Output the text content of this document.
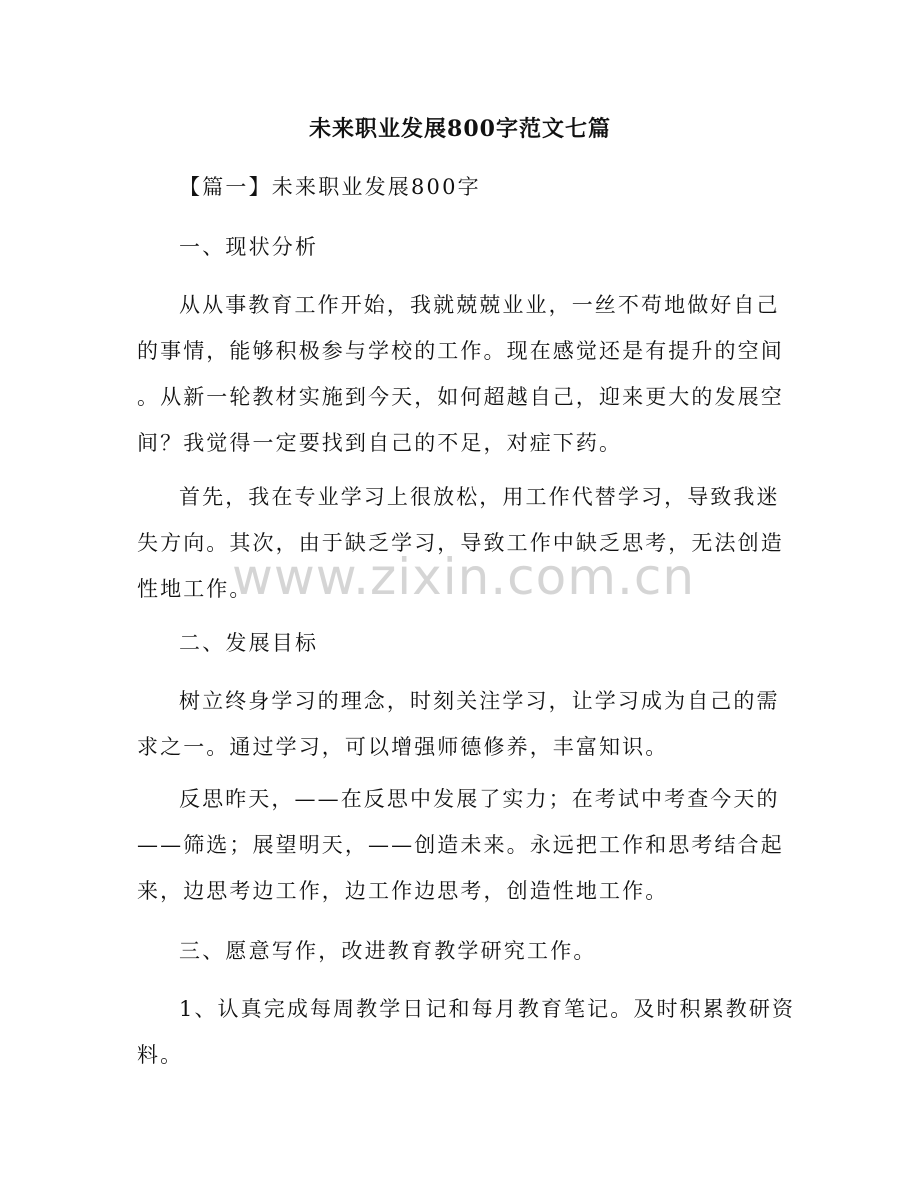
未来职业发展800字范文七篇
【篇一】未来职业发展800字
一、现状分析
从从事教育工作开始，我就兢兢业业，一丝不苟地做好自己
的事情，能够积极参与学校的工作。现在感觉还是有提升的空间
。从新一轮教材实施到今天，如何超越自己，迎来更大的发展空
间？我觉得一定要找到自己的不足，对症下药。
首先，我在专业学习上很放松，用工作代替学习，导致我迷
失方向。其次，由于缺乏学习，导致工作中缺乏思考，无法创造
性地工作。
二、发展目标
树立终身学习的理念，时刻关注学习，让学习成为自己的需
求之一。通过学习，可以增强师德修养，丰富知识。
反思昨天，——在反思中发展了实力；在考试中考查今天的
——筛选；展望明天，——创造未来。永远把工作和思考结合起
来，边思考边工作，边工作边思考，创造性地工作。
三、愿意写作，改进教育教学研究工作。
1、认真完成每周教学日记和每月教育笔记。及时积累教研资
料。
www.zixin.com.cn
